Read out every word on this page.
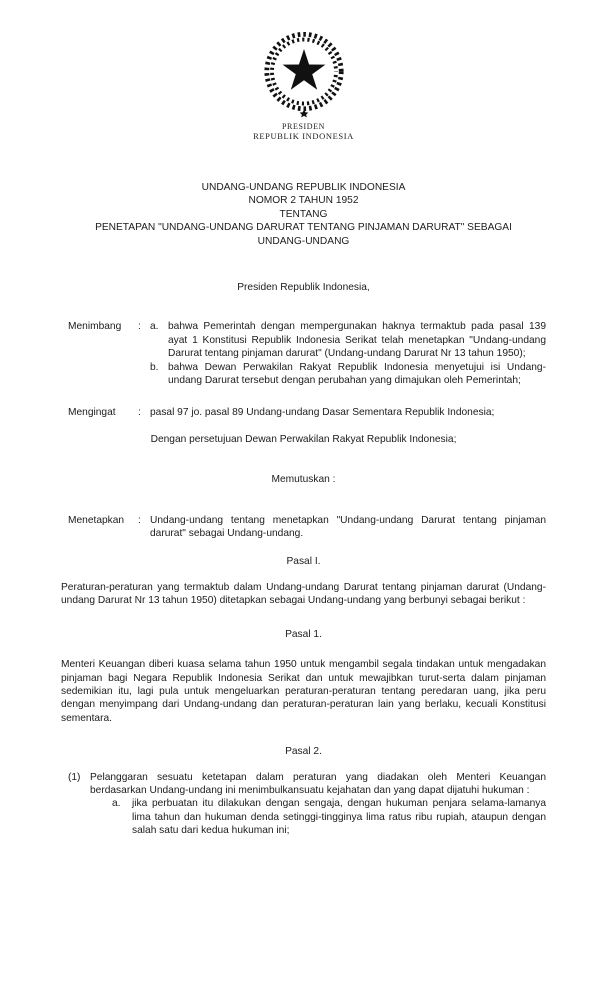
PRESIDEN
REPUBLIK INDONESIA
UNDANG-UNDANG REPUBLIK INDONESIA
NOMOR 2 TAHUN 1952
TENTANG
PENETAPAN "UNDANG-UNDANG DARURAT TENTANG PINJAMAN DARURAT" SEBAGAI
UNDANG-UNDANG
Presiden Republik Indonesia,
Menimbang	: a. bahwa Pemerintah dengan mempergunakan haknya termaktub pada pasal 139 ayat 1 Konstitusi Republik Indonesia Serikat telah menetapkan "Undang-undang Darurat tentang pinjaman darurat" (Undang-undang Darurat Nr 13 tahun 1950);
b. bahwa Dewan Perwakilan Rakyat Republik Indonesia menyetujui isi Undang-undang Darurat tersebut dengan perubahan yang dimajukan oleh Pemerintah;
Mengingat	: pasal 97 jo. pasal 89 Undang-undang Dasar Sementara Republik Indonesia;
Dengan persetujuan Dewan Perwakilan Rakyat Republik Indonesia;
Memutuskan :
Menetapkan	: Undang-undang tentang menetapkan "Undang-undang Darurat tentang pinjaman darurat" sebagai Undang-undang.
Pasal I.
Peraturan-peraturan yang termaktub dalam Undang-undang Darurat tentang pinjaman darurat (Undang-undang Darurat Nr 13 tahun 1950) ditetapkan sebagai Undang-undang yang berbunyi sebagai berikut :
Pasal 1.
Menteri Keuangan diberi kuasa selama tahun 1950 untuk mengambil segala tindakan untuk mengadakan pinjaman bagi Negara Republik Indonesia Serikat dan untuk mewajibkan turut-serta dalam pinjaman sedemikian itu, lagi pula untuk mengeluarkan peraturan-peraturan tentang peredaran uang, jika peru dengan menyimpang dari Undang-undang dan peraturan-peraturan lain yang berlaku, kecuali Konstitusi sementara.
Pasal 2.
(1) Pelanggaran sesuatu ketetapan dalam peraturan yang diadakan oleh Menteri Keuangan berdasarkan Undang-undang ini menimbulkansuatu kejahatan dan yang dapat dijatuhi hukuman :
a.	jika perbuatan itu dilakukan dengan sengaja, dengan hukuman penjara selama-lamanya lima tahun dan hukuman denda setinggi-tingginya lima ratus ribu rupiah, ataupun dengan salah satu dari kedua hukuman ini;
